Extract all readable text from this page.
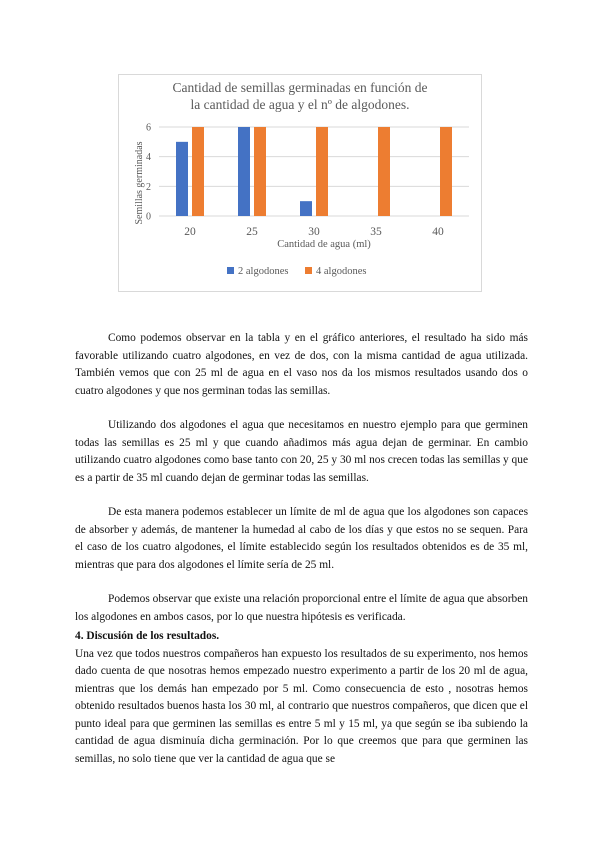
Cantidad de semillas germinadas en función de
la cantidad de agua y el nº de algodones.
Semillas germinadas
Cantidad de agua (ml)
0
2
4
6
20	25	30	35	40
2 algodones	4 algodones

Como podemos observar en la tabla y en el gráfico anteriores, el resultado ha sido más favorable utilizando cuatro algodones, en vez de dos, con la misma cantidad de agua utilizada. También vemos que con 25 ml de agua en el vaso nos da los mismos resultados usando dos o cuatro algodones y que nos germinan todas las semillas.

Utilizando dos algodones el agua que necesitamos en nuestro ejemplo para que germinen todas las semillas es 25 ml y que cuando añadimos más agua dejan de germinar. En cambio utilizando cuatro algodones como base tanto con 20, 25 y 30 ml nos crecen todas las semillas y que es a partir de 35 ml cuando dejan de germinar todas las semillas.

De esta manera podemos establecer un límite de ml de agua que los algodones son capaces de absorber y además, de mantener la humedad al cabo de los días y que estos no se sequen. Para el caso de los cuatro algodones, el límite establecido según los resultados obtenidos es de 35 ml, mientras que para dos algodones el límite sería de 25 ml.

Podemos observar que existe una relación proporcional entre el límite de agua que absorben los algodones en ambos casos, por lo que nuestra hipótesis es verificada.

4. Discusión de los resultados.

Una vez que todos nuestros compañeros han expuesto los resultados de su experimento, nos hemos dado cuenta de que nosotras hemos empezado nuestro experimento a partir de los 20 ml de agua, mientras que los demás han empezado por 5 ml. Como consecuencia de esto , nosotras hemos obtenido resultados buenos hasta los 30 ml, al contrario que nuestros compañeros, que dicen que el punto ideal para que germinen las semillas es entre 5 ml y 15 ml, ya que según se iba subiendo la cantidad de agua disminuía dicha germinación. Por lo que creemos que para que germinen las semillas, no solo tiene que ver la cantidad de agua que se
